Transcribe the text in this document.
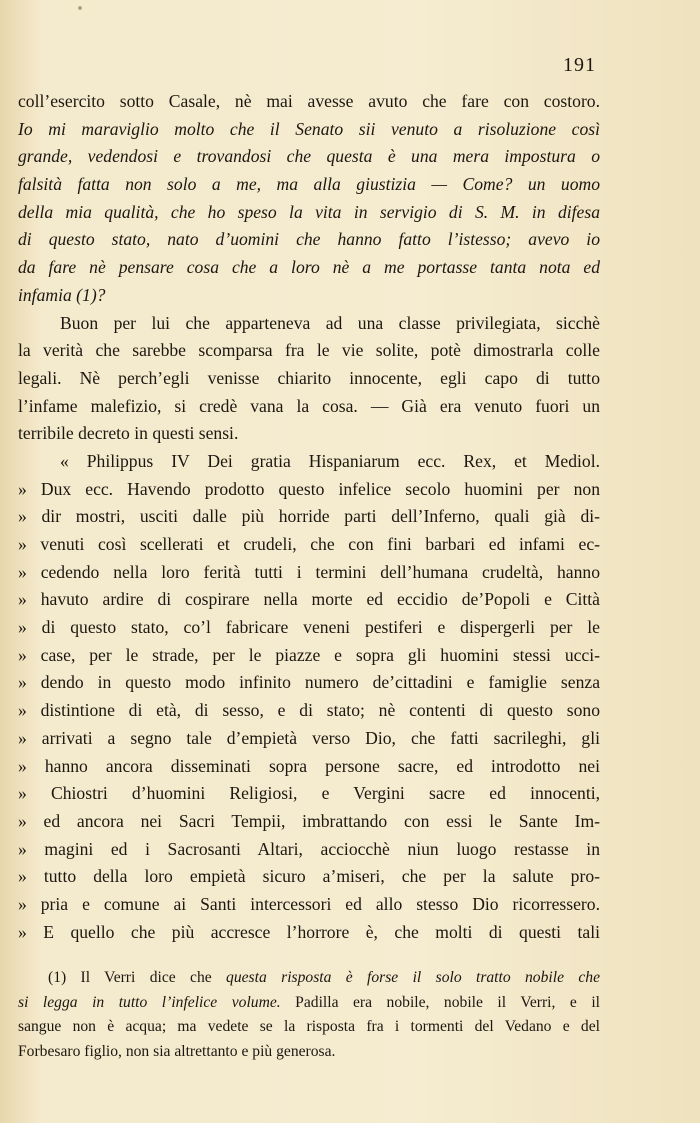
191
coll’esercito sotto Casale, nè mai avesse avuto che fare con costoro.
Io mi maraviglio molto che il Senato sii venuto a risoluzione così
grande, vedendosi e trovandosi che questa è una mera impostura o
falsità fatta non solo a me, ma alla giustizia — Come? un uomo
della mia qualità, che ho speso la vita in servigio di S. M. in difesa
di questo stato, nato d’uomini che hanno fatto l’istesso; avevo io
da fare nè pensare cosa che a loro nè a me portasse tanta nota ed
infamia (1)?
Buon per lui che apparteneva ad una classe privilegiata, sicchè
la verità che sarebbe scomparsa fra le vie solite, potè dimostrarla colle
legali. Nè perch’egli venisse chiarito innocente, egli capo di tutto
l’infame malefizio, si credè vana la cosa. — Già era venuto fuori un
terribile decreto in questi sensi.
« Philippus IV Dei gratia Hispaniarum ecc. Rex, et Mediol.
» Dux ecc. Havendo prodotto questo infelice secolo huomini per non
» dir mostri, usciti dalle più horride parti dell’Inferno, quali già di-
» venuti così scellerati et crudeli, che con fini barbari ed infami ec-
» cedendo nella loro ferità tutti i termini dell’humana crudeltà, hanno
» havuto ardire di cospirare nella morte ed eccidio de’Popoli e Città
» di questo stato, co’l fabricare veneni pestiferi e dispergerli per le
» case, per le strade, per le piazze e sopra gli huomini stessi ucci-
» dendo in questo modo infinito numero de’cittadini e famiglie senza
» distintione di età, di sesso, e di stato; nè contenti di questo sono
» arrivati a segno tale d’empietà verso Dio, che fatti sacrileghi, gli
» hanno ancora disseminati sopra persone sacre, ed introdotto nei
» Chiostri d’huomini Religiosi, e Vergini sacre ed innocenti,
» ed ancora nei Sacri Tempii, imbrattando con essi le Sante Im-
» magini ed i Sacrosanti Altari, acciocchè niun luogo restasse in
» tutto della loro empietà sicuro a’miseri, che per la salute pro-
» pria e comune ai Santi intercessori ed allo stesso Dio ricorressero.
» E quello che più accresce l’horrore è, che molti di questi tali
(1) Il Verri dice che questa risposta è forse il solo tratto nobile che
si legga in tutto l’infelice volume. Padilla era nobile, nobile il Verri, e il
sangue non è acqua; ma vedete se la risposta fra i tormenti del Vedano e del
Forbesaro figlio, non sia altrettanto e più generosa.
